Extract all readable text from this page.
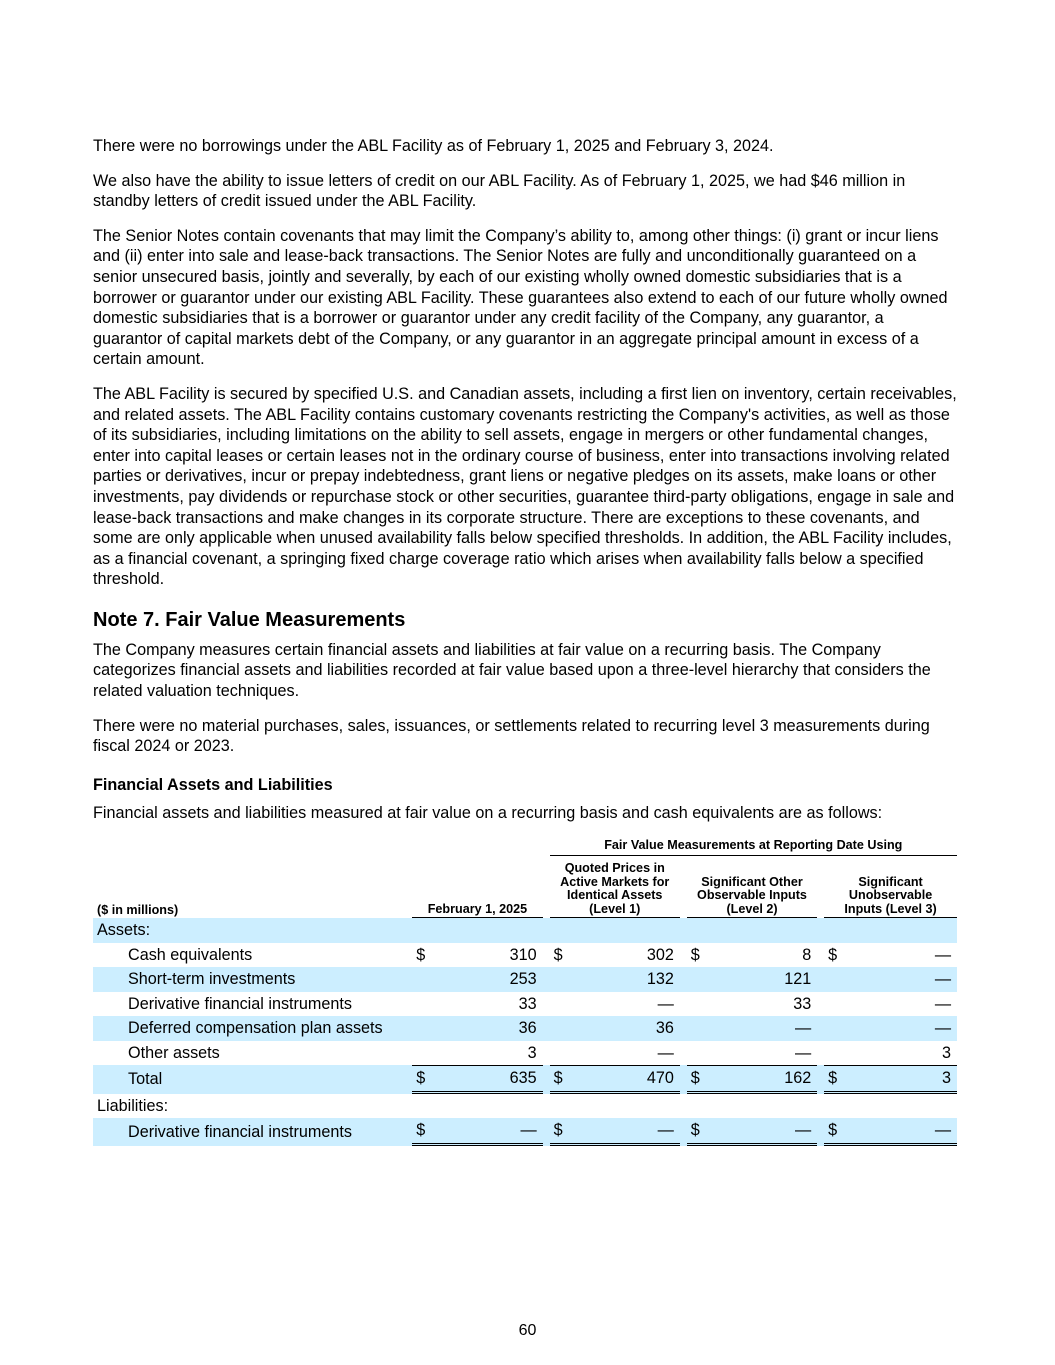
There were no borrowings under the ABL Facility as of February 1, 2025 and February 3, 2024.

We also have the ability to issue letters of credit on our ABL Facility. As of February 1, 2025, we had $46 million in standby letters of credit issued under the ABL Facility.

The Senior Notes contain covenants that may limit the Company’s ability to, among other things: (i) grant or incur liens and (ii) enter into sale and lease-back transactions. The Senior Notes are fully and unconditionally guaranteed on a senior unsecured basis, jointly and severally, by each of our existing wholly owned domestic subsidiaries that is a borrower or guarantor under our existing ABL Facility. These guarantees also extend to each of our future wholly owned domestic subsidiaries that is a borrower or guarantor under any credit facility of the Company, any guarantor, a guarantor of capital markets debt of the Company, or any guarantor in an aggregate principal amount in excess of a certain amount.

The ABL Facility is secured by specified U.S. and Canadian assets, including a first lien on inventory, certain receivables, and related assets. The ABL Facility contains customary covenants restricting the Company's activities, as well as those of its subsidiaries, including limitations on the ability to sell assets, engage in mergers or other fundamental changes, enter into capital leases or certain leases not in the ordinary course of business, enter into transactions involving related parties or derivatives, incur or prepay indebtedness, grant liens or negative pledges on its assets, make loans or other investments, pay dividends or repurchase stock or other securities, guarantee third-party obligations, engage in sale and lease-back transactions and make changes in its corporate structure. There are exceptions to these covenants, and some are only applicable when unused availability falls below specified thresholds. In addition, the ABL Facility includes, as a financial covenant, a springing fixed charge coverage ratio which arises when availability falls below a specified threshold.

Note 7. Fair Value Measurements

The Company measures certain financial assets and liabilities at fair value on a recurring basis. The Company categorizes financial assets and liabilities recorded at fair value based upon a three-level hierarchy that considers the related valuation techniques.

There were no material purchases, sales, issuances, or settlements related to recurring level 3 measurements during fiscal 2024 or 2023.

Financial Assets and Liabilities

Financial assets and liabilities measured at fair value on a recurring basis and cash equivalents are as follows:

				Fair Value Measurements at Reporting Date Using							
($ in millions)	February 1, 2025			Quoted Prices in Active Markets for Identical Assets (Level 1)			Significant Other Observable Inputs (Level 2)			Significant Unobservable Inputs (Level 3)	
Assets:											
Cash equivalents	$	310		$	302		$	8		$	—
Short-term investments		253			132			121			—
Derivative financial instruments		33			—			33			—
Deferred compensation plan assets		36			36			—			—
Other assets		3			—			—			3
Total	$	635		$	470		$	162		$	3
Liabilities:											
Derivative financial instruments	$	—		$	—		$	—		$	—
60
